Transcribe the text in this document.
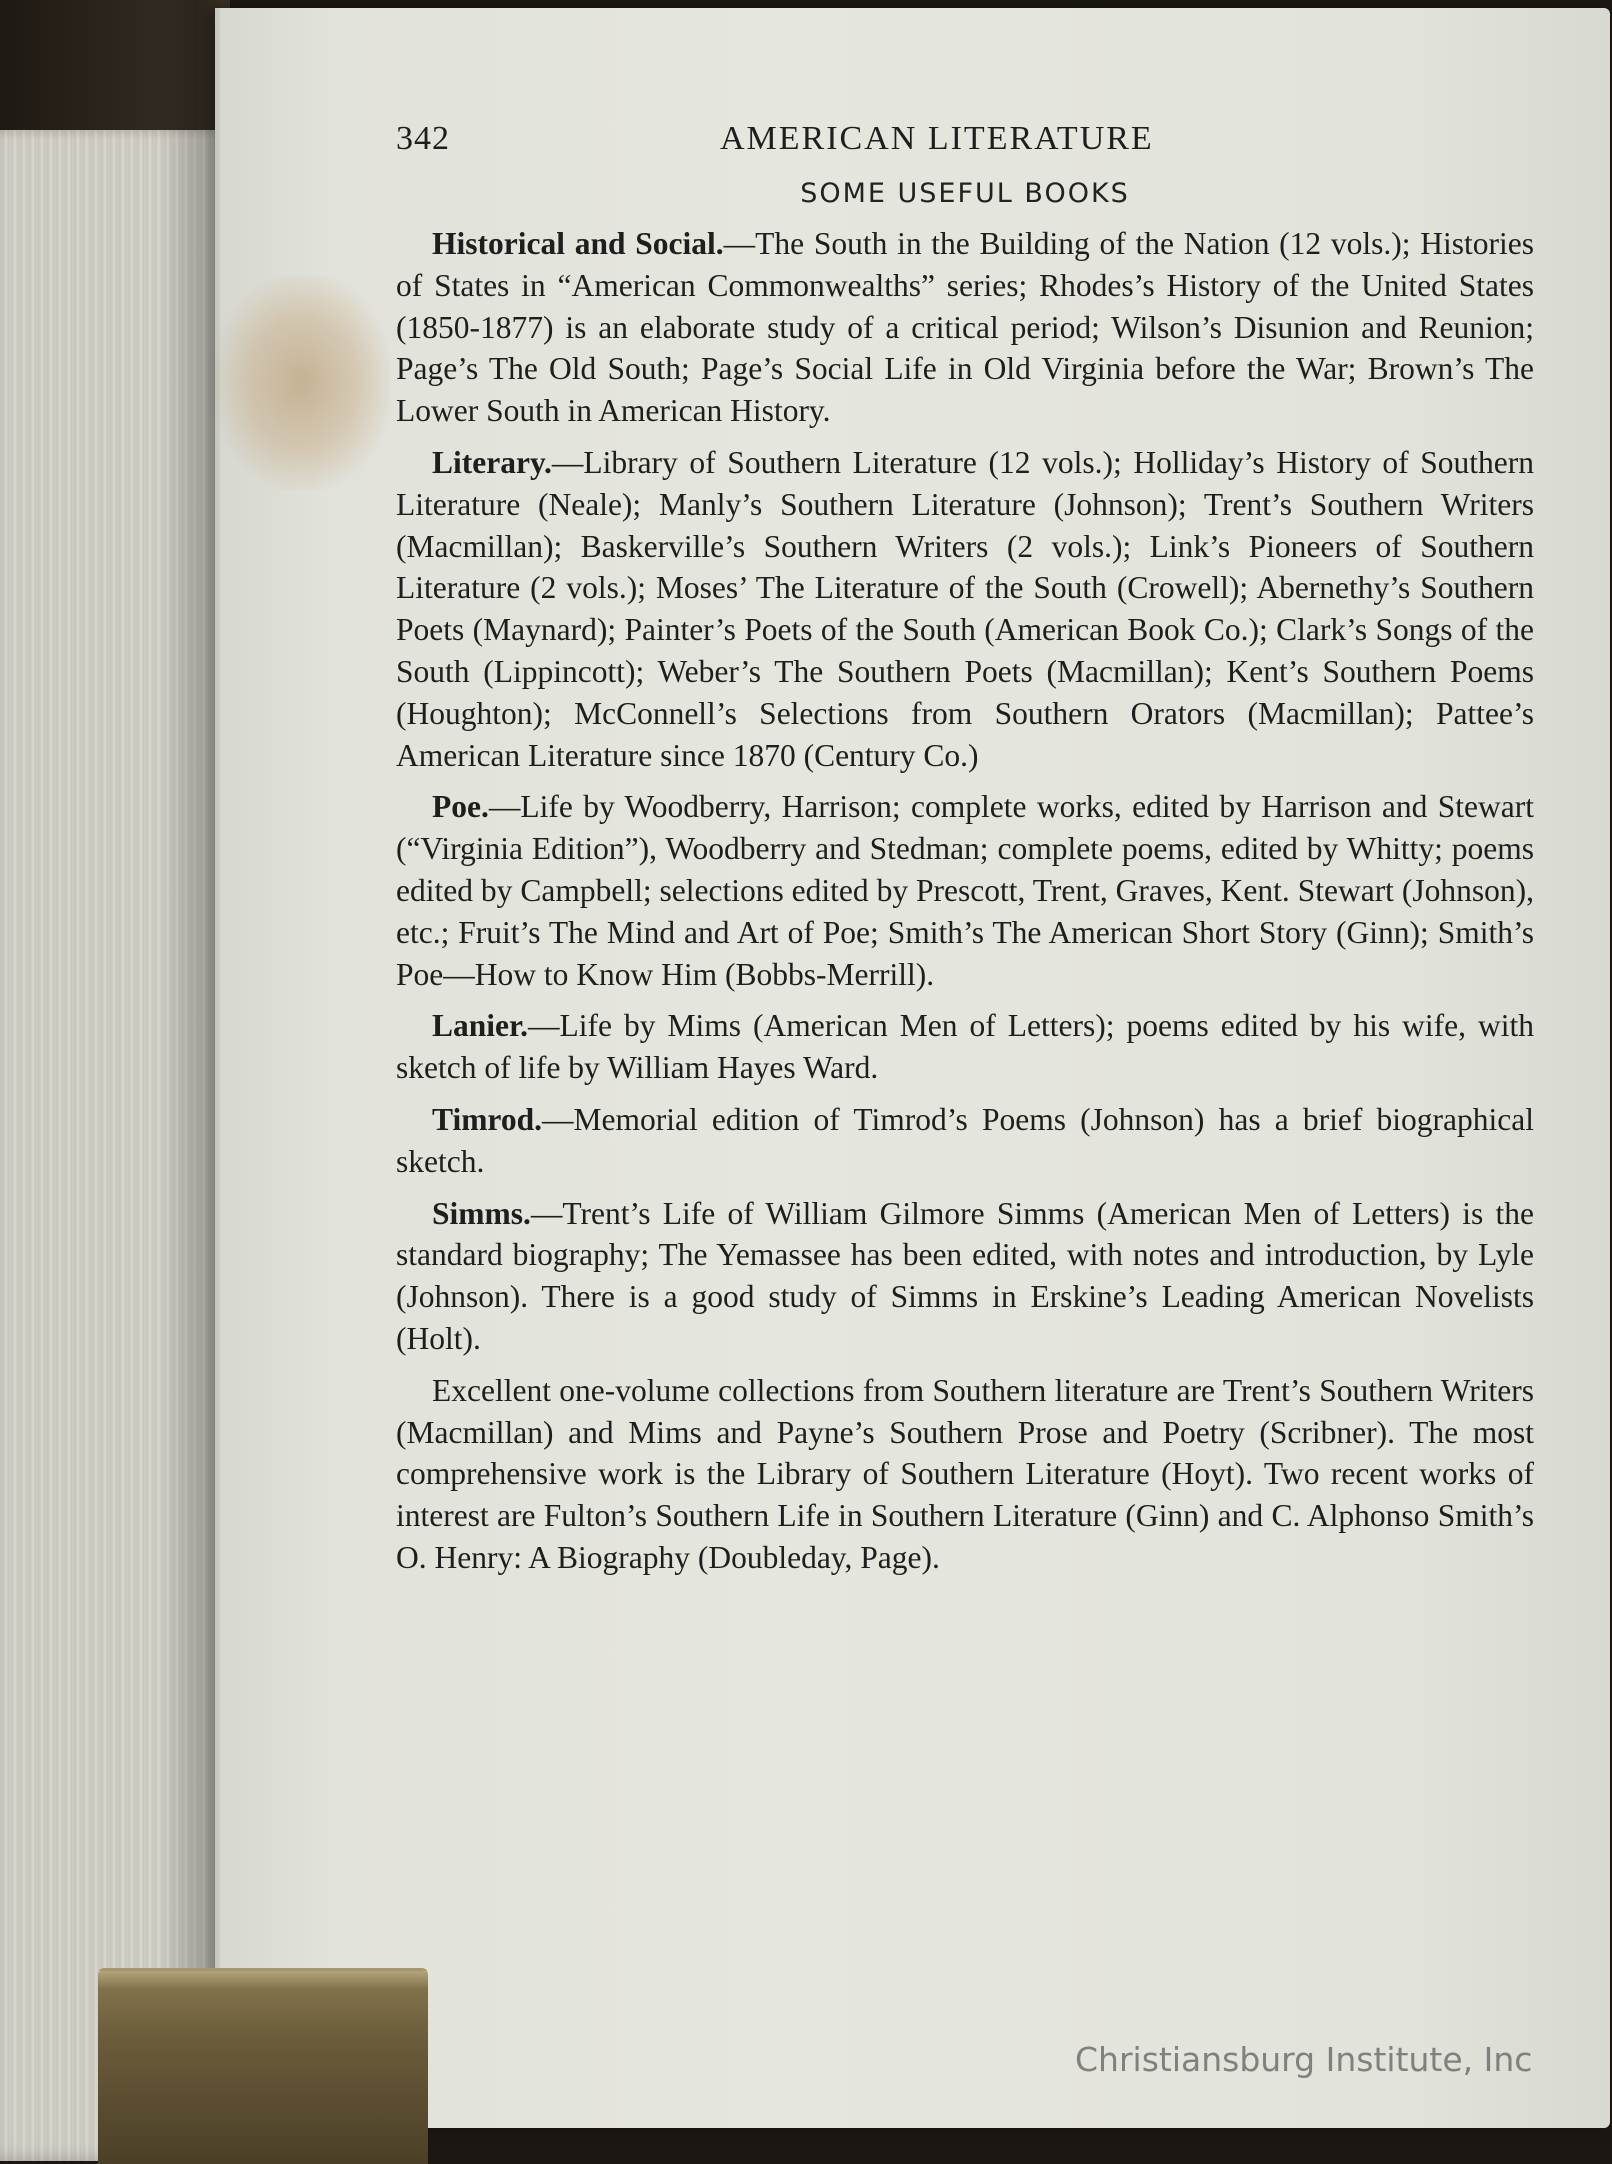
342	AMERICAN LITERATURE
SOME USEFUL BOOKS

Historical and Social.—The South in the Building of the Nation (12 vols.); Histories of States in “American Commonwealths” series; Rhodes’s History of the United States (1850-1877) is an elaborate study of a critical period; Wilson’s Disunion and Reunion; Page’s The Old South; Page’s Social Life in Old Virginia before the War; Brown’s The Lower South in American History.

Literary.—Library of Southern Literature (12 vols.); Holliday’s History of Southern Literature (Neale); Manly’s Southern Literature (Johnson); Trent’s Southern Writers (Macmillan); Baskerville’s Southern Writers (2 vols.); Link’s Pioneers of Southern Literature (2 vols.); Moses’ The Literature of the South (Crowell); Abernethy’s Southern Poets (Maynard); Painter’s Poets of the South (American Book Co.); Clark’s Songs of the South (Lippincott); Weber’s The Southern Poets (Macmillan); Kent’s Southern Poems (Houghton); McConnell’s Selections from Southern Orators (Macmillan); Pattee’s American Literature since 1870 (Century Co.)

Poe.—Life by Woodberry, Harrison; complete works, edited by Harrison and Stewart (“Virginia Edition”), Woodberry and Stedman; complete poems, edited by Whitty; poems edited by Campbell; selections edited by Prescott, Trent, Graves, Kent. Stewart (Johnson), etc.; Fruit’s The Mind and Art of Poe; Smith’s The American Short Story (Ginn); Smith’s Poe—How to Know Him (Bobbs-Merrill).

Lanier.—Life by Mims (American Men of Letters); poems edited by his wife, with sketch of life by William Hayes Ward.

Timrod.—Memorial edition of Timrod’s Poems (Johnson) has a brief biographical sketch.

Simms.—Trent’s Life of William Gilmore Simms (American Men of Letters) is the standard biography; The Yemassee has been edited, with notes and introduction, by Lyle (Johnson). There is a good study of Simms in Erskine’s Leading American Novelists (Holt).

Excellent one-volume collections from Southern literature are Trent’s Southern Writers (Macmillan) and Mims and Payne’s Southern Prose and Poetry (Scribner). The most comprehensive work is the Library of Southern Literature (Hoyt). Two recent works of interest are Fulton’s Southern Life in Southern Literature (Ginn) and C. Alphonso Smith’s O. Henry: A Biography (Doubleday, Page).

Christiansburg Institute, Inc
